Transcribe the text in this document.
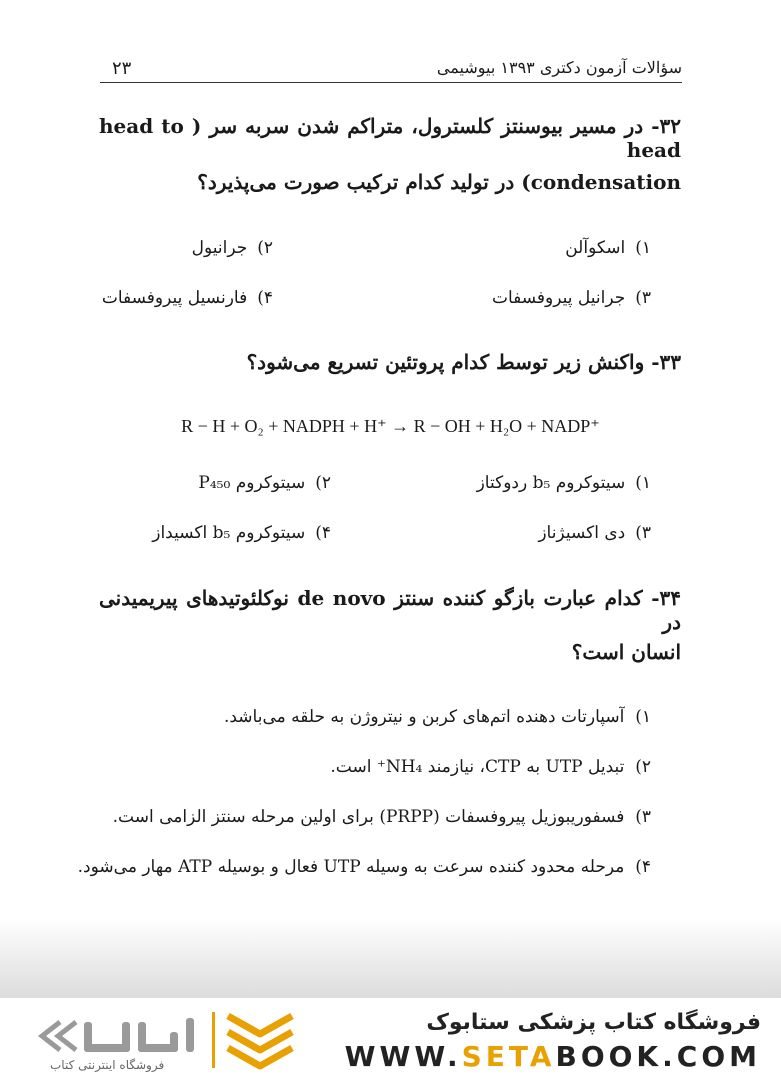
۲۳	سؤالات آزمون دکتری ۱۳۹۳ بیوشیمی
۳۲- در مسیر بیوسنتز کلسترول، متراکم شدن سربه سر ( head to head
condensation) در تولید کدام ترکیب صورت می‌پذیرد؟
۱)اسکوآلن
۲)جرانیول
۳)جرانیل پیروفسفات
۴)فارنسیل پیروفسفات
۳۳- واکنش زیر توسط کدام پروتئین تسریع می‌شود؟
R − H + O₂ + NADPH + H⁺ → R − OH + H₂O + NADP⁺
۱)سیتوکروم b₅ ردوکتاز
۲)سیتوکروم P₄₅₀
۳)دی اکسیژناز
۴)سیتوکروم b₅ اکسیداز
۳۴- کدام عبارت بازگو کننده سنتز de novo نوکلئوتیدهای پیریمیدنی در
انسان است؟
۱)  آسپارتات دهنده اتم‌های کربن و نیتروژن به حلقه می‌باشد.
۲)  تبدیل UTP به CTP، نیازمند NH₄⁺ است.
۳)  فسفوریبوزیل پیروفسفات (PRPP) برای اولین مرحله سنتز الزامی است.
۴)  مرحله محدود کننده سرعت به وسیله UTP فعال و بوسیله ATP مهار می‌شود.
فروشگاه اینترنتی کتاب
فروشگاه کتاب پزشکی ستابوک
WWW.SETABOOK.COM
